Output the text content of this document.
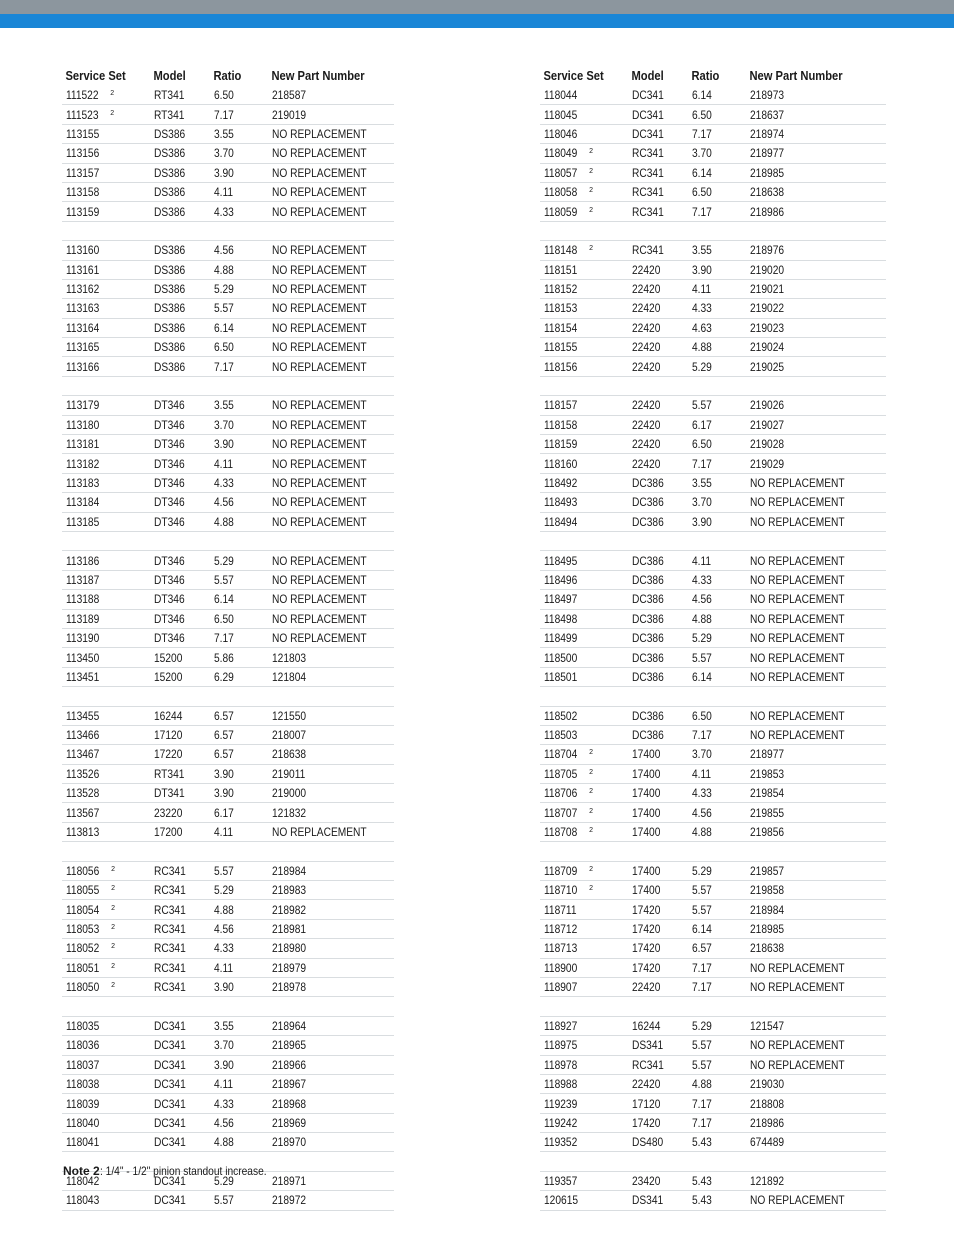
Service Set	Model	Ratio	New Part Number
111522 $^2$	RT341	6.50	218587
111523 $^2$	RT341	7.17	219019
113155	DS386	3.55	NO REPLACEMENT
113156	DS386	3.70	NO REPLACEMENT
113157	DS386	3.90	NO REPLACEMENT
113158	DS386	4.11	NO REPLACEMENT
113159	DS386	4.33	NO REPLACEMENT

113160	DS386	4.56	NO REPLACEMENT
113161	DS386	4.88	NO REPLACEMENT
113162	DS386	5.29	NO REPLACEMENT
113163	DS386	5.57	NO REPLACEMENT
113164	DS386	6.14	NO REPLACEMENT
113165	DS386	6.50	NO REPLACEMENT
113166	DS386	7.17	NO REPLACEMENT

113179	DT346	3.55	NO REPLACEMENT
113180	DT346	3.70	NO REPLACEMENT
113181	DT346	3.90	NO REPLACEMENT
113182	DT346	4.11	NO REPLACEMENT
113183	DT346	4.33	NO REPLACEMENT
113184	DT346	4.56	NO REPLACEMENT
113185	DT346	4.88	NO REPLACEMENT

113186	DT346	5.29	NO REPLACEMENT
113187	DT346	5.57	NO REPLACEMENT
113188	DT346	6.14	NO REPLACEMENT
113189	DT346	6.50	NO REPLACEMENT
113190	DT346	7.17	NO REPLACEMENT
113450	15200	5.86	121803
113451	15200	6.29	121804

113455	16244	6.57	121550
113466	17120	6.57	218007
113467	17220	6.57	218638
113526	RT341	3.90	219011
113528	DT341	3.90	219000
113567	23220	6.17	121832
113813	17200	4.11	NO REPLACEMENT

118056 $^2$	RC341	5.57	218984
118055 $^2$	RC341	5.29	218983
118054 $^2$	RC341	4.88	218982
118053 $^2$	RC341	4.56	218981
118052 $^2$	RC341	4.33	218980
118051 $^2$	RC341	4.11	218979
118050 $^2$	RC341	3.90	218978

118035	DC341	3.55	218964
118036	DC341	3.70	218965
118037	DC341	3.90	218966
118038	DC341	4.11	218967
118039	DC341	4.33	218968
118040	DC341	4.56	218969
118041	DC341	4.88	218970

118042	DC341	5.29	218971
118043	DC341	5.57	218972
Service Set	Model	Ratio	New Part Number
118044	DC341	6.14	218973
118045	DC341	6.50	218637
118046	DC341	7.17	218974
118049 $^2$	RC341	3.70	218977
118057 $^2$	RC341	6.14	218985
118058 $^2$	RC341	6.50	218638
118059 $^2$	RC341	7.17	218986

118148 $^2$	RC341	3.55	218976
118151	22420	3.90	219020
118152	22420	4.11	219021
118153	22420	4.33	219022
118154	22420	4.63	219023
118155	22420	4.88	219024
118156	22420	5.29	219025

118157	22420	5.57	219026
118158	22420	6.17	219027
118159	22420	6.50	219028
118160	22420	7.17	219029
118492	DC386	3.55	NO REPLACEMENT
118493	DC386	3.70	NO REPLACEMENT
118494	DC386	3.90	NO REPLACEMENT

118495	DC386	4.11	NO REPLACEMENT
118496	DC386	4.33	NO REPLACEMENT
118497	DC386	4.56	NO REPLACEMENT
118498	DC386	4.88	NO REPLACEMENT
118499	DC386	5.29	NO REPLACEMENT
118500	DC386	5.57	NO REPLACEMENT
118501	DC386	6.14	NO REPLACEMENT

118502	DC386	6.50	NO REPLACEMENT
118503	DC386	7.17	NO REPLACEMENT
118704 $^2$	17400	3.70	218977
118705 $^2$	17400	4.11	219853
118706 $^2$	17400	4.33	219854
118707 $^2$	17400	4.56	219855
118708 $^2$	17400	4.88	219856

118709 $^2$	17400	5.29	219857
118710 $^2$	17400	5.57	219858
118711	17420	5.57	218984
118712	17420	6.14	218985
118713	17420	6.57	218638
118900	17420	7.17	NO REPLACEMENT
118907	22420	7.17	NO REPLACEMENT

118927	16244	5.29	121547
118975	DS341	5.57	NO REPLACEMENT
118978	RC341	5.57	NO REPLACEMENT
118988	22420	4.88	219030
119239	17120	7.17	218808
119242	17420	7.17	218986
119352	DS480	5.43	674489

119357	23420	5.43	121892
120615	DS341	5.43	NO REPLACEMENT
Note 2: 1/4" - 1/2" pinion standout increase.
